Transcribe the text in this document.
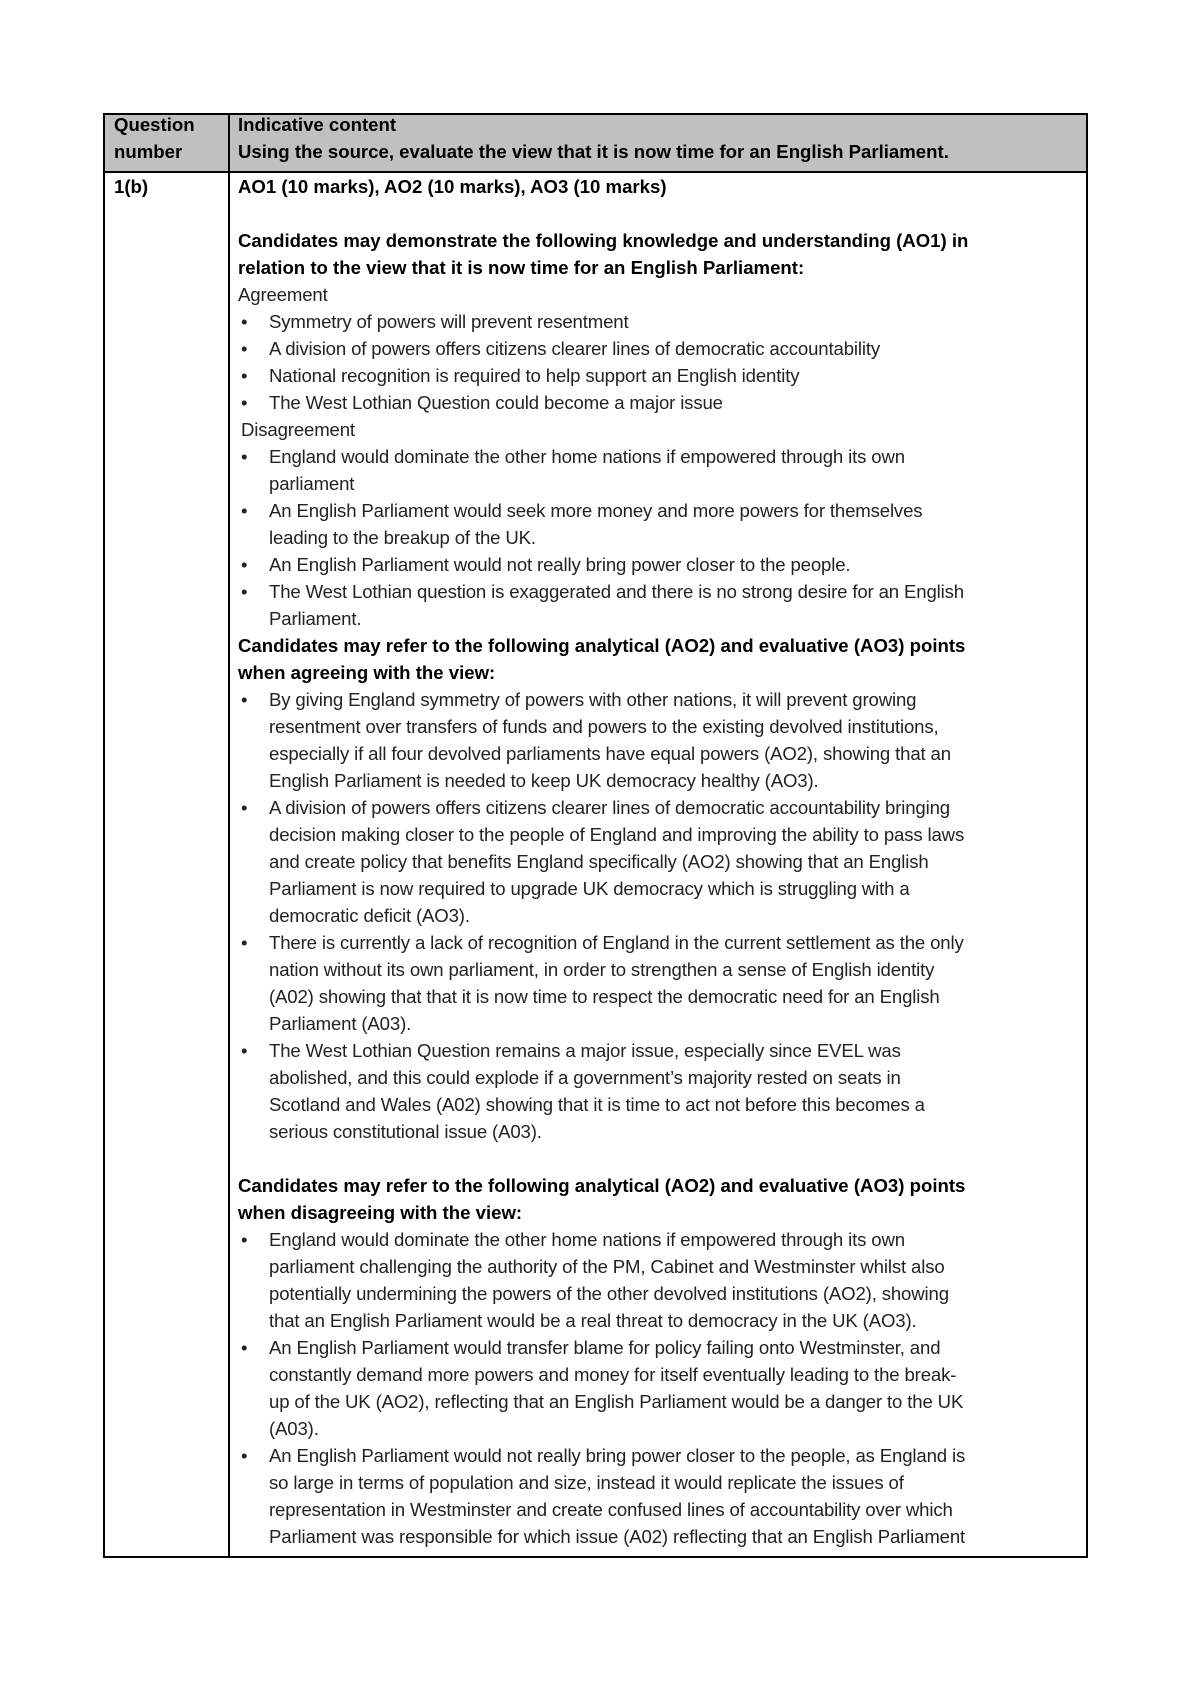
Question
number
Indicative content
Using the source, evaluate the view that it is now time for an English Parliament.
1(b)	AO1 (10 marks), AO2 (10 marks), AO3 (10 marks)
Candidates may demonstrate the following knowledge and understanding (AO1) in
relation to the view that it is now time for an English Parliament:
Agreement
• Symmetry of powers will prevent resentment
• A division of powers offers citizens clearer lines of democratic accountability
• National recognition is required to help support an English identity
• The West Lothian Question could become a major issue
Disagreement
• England would dominate the other home nations if empowered through its own
parliament
• An English Parliament would seek more money and more powers for themselves
leading to the breakup of the UK.
• An English Parliament would not really bring power closer to the people.
• The West Lothian question is exaggerated and there is no strong desire for an English
Parliament.
Candidates may refer to the following analytical (AO2) and evaluative (AO3) points
when agreeing with the view:
• By giving England symmetry of powers with other nations, it will prevent growing
resentment over transfers of funds and powers to the existing devolved institutions,
especially if all four devolved parliaments have equal powers (AO2), showing that an
English Parliament is needed to keep UK democracy healthy (AO3).
• A division of powers offers citizens clearer lines of democratic accountability bringing
decision making closer to the people of England and improving the ability to pass laws
and create policy that benefits England specifically (AO2) showing that an English
Parliament is now required to upgrade UK democracy which is struggling with a
democratic deficit (AO3).
• There is currently a lack of recognition of England in the current settlement as the only
nation without its own parliament, in order to strengthen a sense of English identity
(A02) showing that that it is now time to respect the democratic need for an English
Parliament (A03).
• The West Lothian Question remains a major issue, especially since EVEL was
abolished, and this could explode if a government’s majority rested on seats in
Scotland and Wales (A02) showing that it is time to act not before this becomes a
serious constitutional issue (A03).
Candidates may refer to the following analytical (AO2) and evaluative (AO3) points
when disagreeing with the view:
• England would dominate the other home nations if empowered through its own
parliament challenging the authority of the PM, Cabinet and Westminster whilst also
potentially undermining the powers of the other devolved institutions (AO2), showing
that an English Parliament would be a real threat to democracy in the UK (AO3).
• An English Parliament would transfer blame for policy failing onto Westminster, and
constantly demand more powers and money for itself eventually leading to the break-
up of the UK (AO2), reflecting that an English Parliament would be a danger to the UK
(A03).
• An English Parliament would not really bring power closer to the people, as England is
so large in terms of population and size, instead it would replicate the issues of
representation in Westminster and create confused lines of accountability over which
Parliament was responsible for which issue (A02) reflecting that an English Parliament
